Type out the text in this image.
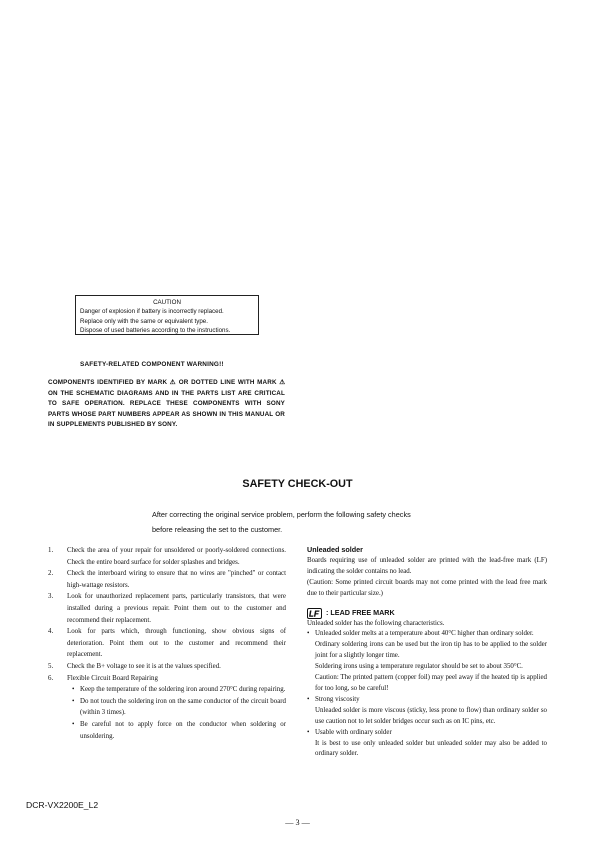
CAUTION
Danger of explosion if battery is incorrectly replaced.
Replace only with the same or equivalent type.
Dispose of used batteries according to the instructions.
SAFETY-RELATED COMPONENT WARNING!!
COMPONENTS IDENTIFIED BY MARK ⚠ OR DOTTED LINE WITH MARK ⚠ ON THE SCHEMATIC DIAGRAMS AND IN THE PARTS LIST ARE CRITICAL TO SAFE OPERATION. REPLACE THESE COMPONENTS WITH SONY PARTS WHOSE PART NUMBERS APPEAR AS SHOWN IN THIS MANUAL OR IN SUPPLEMENTS PUBLISHED BY SONY.
SAFETY CHECK-OUT
After correcting the original service problem, perform the following safety checks before releasing the set to the customer.
1. Check the area of your repair for unsoldered or poorly-soldered connections. Check the entire board surface for solder splashes and bridges.
2. Check the interboard wiring to ensure that no wires are "pinched" or contact high-wattage resistors.
3. Look for unauthorized replacement parts, particularly transistors, that were installed during a previous repair. Point them out to the customer and recommend their replacement.
4. Look for parts which, through functioning, show obvious signs of deterioration. Point them out to the customer and recommend their replacement.
5. Check the B+ voltage to see it is at the values specified.
6. Flexible Circuit Board Repairing
• Keep the temperature of the soldering iron around 270°C during repairing.
• Do not touch the soldering iron on the same conductor of the circuit board (within 3 times).
• Be careful not to apply force on the conductor when soldering or unsoldering.
Unleaded solder
Boards requiring use of unleaded solder are printed with the lead-free mark (LF) indicating the solder contains no lead.
(Caution: Some printed circuit boards may not come printed with the lead free mark due to their particular size.)
: LEAD FREE MARK
Unleaded solder has the following characteristics.
• Unleaded solder melts at a temperature about 40°C higher than ordinary solder.
Ordinary soldering irons can be used but the iron tip has to be applied to the solder joint for a slightly longer time.
Soldering irons using a temperature regulator should be set to about 350°C.
Caution: The printed pattern (copper foil) may peel away if the heated tip is applied for too long, so be careful!
• Strong viscosity
Unleaded solder is more viscous (sticky, less prone to flow) than ordinary solder so use caution not to let solder bridges occur such as on IC pins, etc.
• Usable with ordinary solder
It is best to use only unleaded solder but unleaded solder may also be added to ordinary solder.
DCR-VX2200E_L2
— 3 —
